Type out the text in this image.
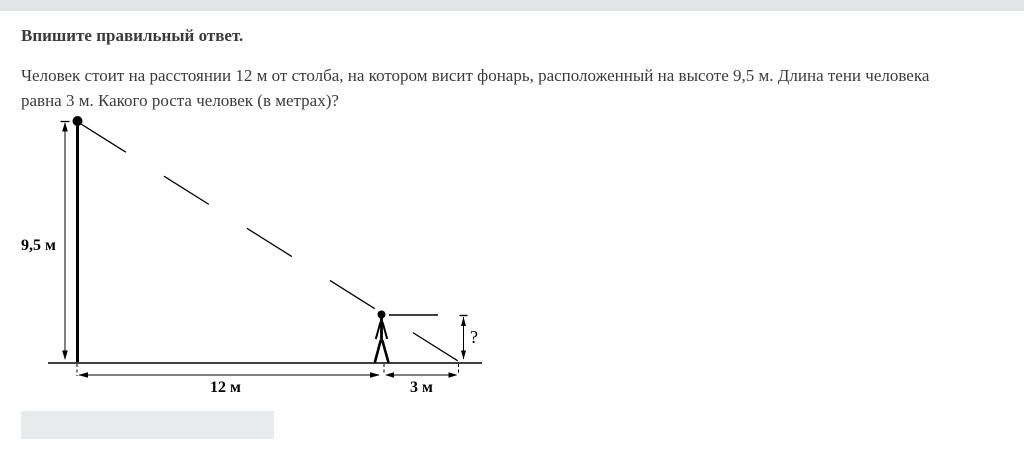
Впишите правильный ответ.
Человек стоит на расстоянии 12 м от столба, на котором висит фонарь, расположенный на высоте 9,5 м. Длина тени человека
равна 3 м. Какого роста человек (в метрах)?
9,5 м
?
12 м	3 м
